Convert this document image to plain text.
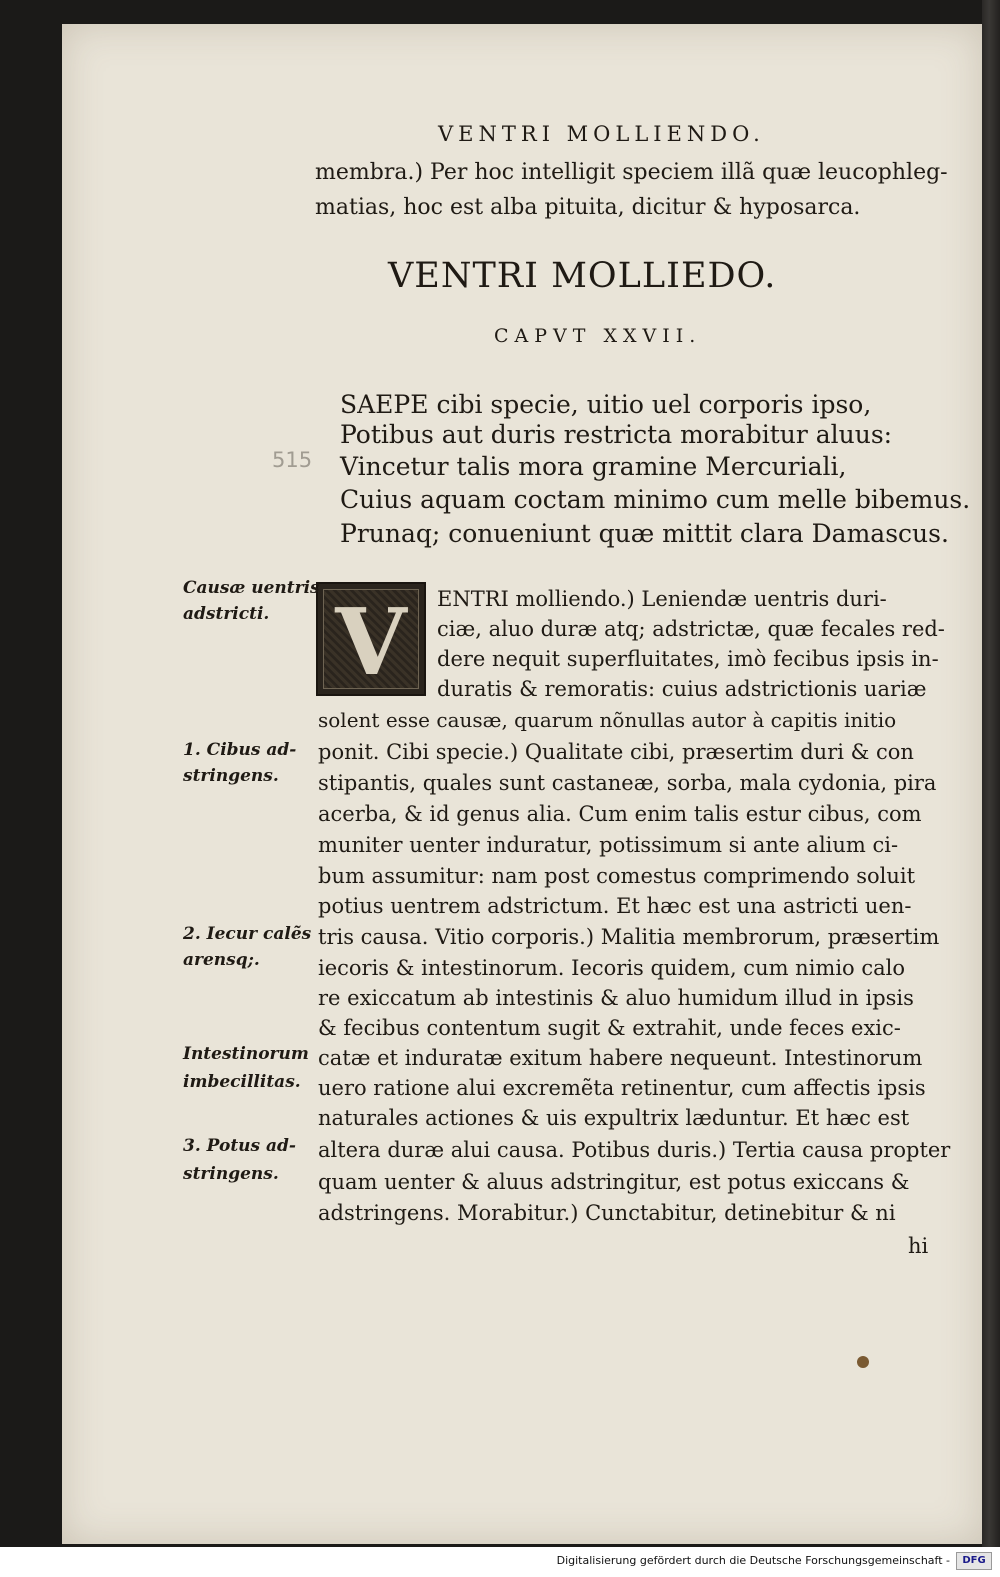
VENTRI MOLLIENDO.
membra.) Per hoc intelligit speciem illã quæ leucophleg-
matias, hoc est alba pituita, dicitur & hyposarca.
VENTRI MOLLIEDO.
CAPVT XXVII.
SAEPE cibi specie, uitio uel corporis ipso,
Potibus aut duris restricta morabitur aluus:
Vincetur talis mora gramine Mercuriali,
Cuius aquam coctam minimo cum melle bibemus.
Prunaq; conueniunt quæ mittit clara Damascus.
515
V	ENTRI molliendo.) Leniendæ uentris duri-
ciæ, aluo duræ atq; adstrictæ, quæ fecales red-
dere nequit superfluitates, imò fecibus ipsis in-
duratis & remoratis: cuius adstrictionis uariæ
solent esse causæ, quarum nõnullas autor à capitis initio
ponit. Cibi specie.) Qualitate cibi, præsertim duri & con
stipantis, quales sunt castaneæ, sorba, mala cydonia, pira
acerba, & id genus alia. Cum enim talis estur cibus, com
muniter uenter induratur, potissimum si ante alium ci-
bum assumitur: nam post comestus comprimendo soluit
potius uentrem adstrictum. Et hæc est una astricti uen-
tris causa. Vitio corporis.) Malitia membrorum, præsertim
iecoris & intestinorum. Iecoris quidem, cum nimio calo
re exiccatum ab intestinis & aluo humidum illud in ipsis
& fecibus contentum sugit & extrahit, unde feces exic-
catæ et induratæ exitum habere nequeunt. Intestinorum
uero ratione alui excremẽta retinentur, cum affectis ipsis
naturales actiones & uis expultrix læduntur. Et hæc est
altera duræ alui causa. Potibus duris.) Tertia causa propter
quam uenter & aluus adstringitur, est potus exiccans &
adstringens. Morabitur.) Cunctabitur, detinebitur & ni
hi
Causæ uentris
adstricti.
1. Cibus ad-
stringens.
2. Iecur calẽs
arensq;.
Intestinorum
imbecillitas.
3. Potus ad-
stringens.
Digitalisierung gefördert durch die Deutsche Forschungsgemeinschaft -	DFG
